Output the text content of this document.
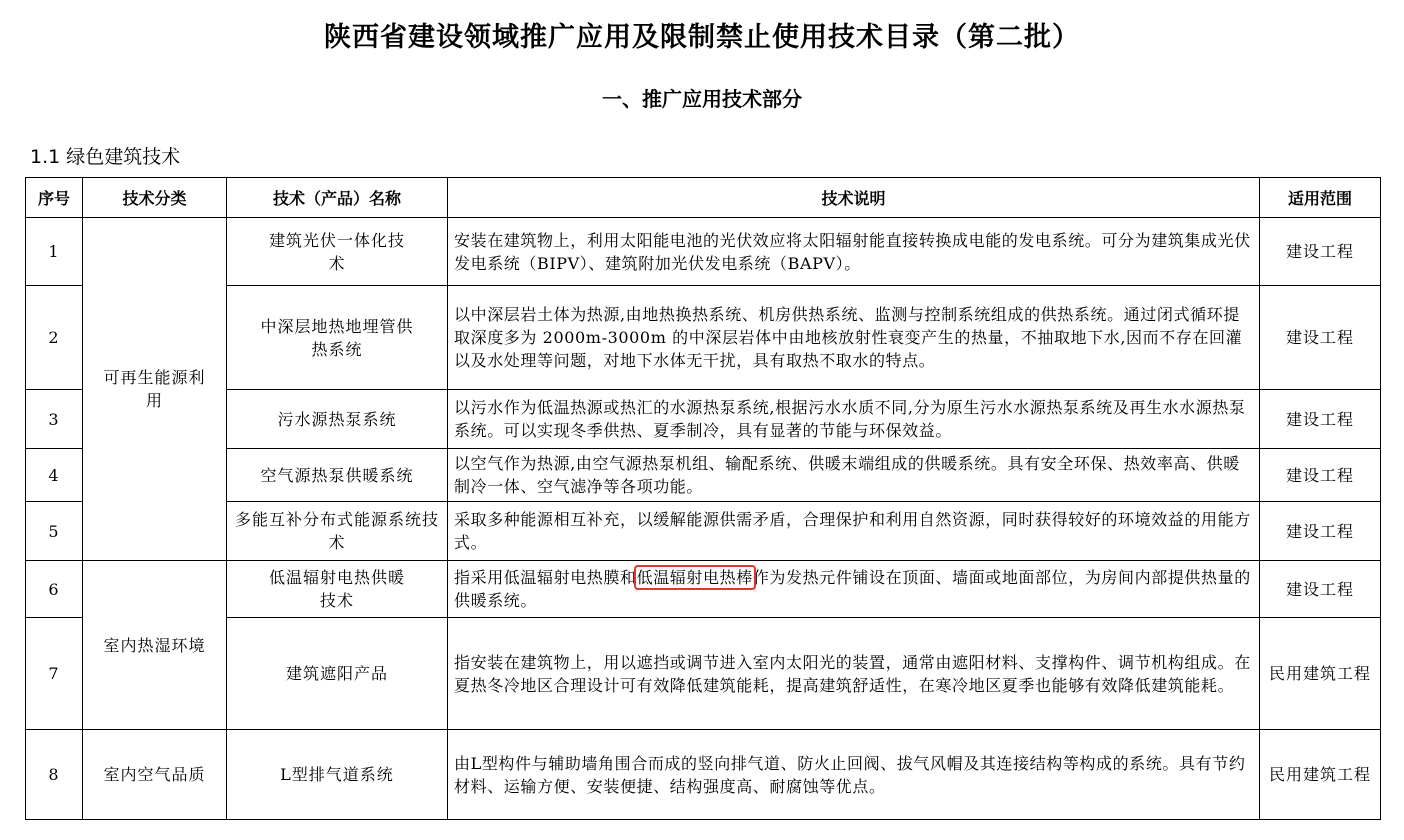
陕西省建设领域推广应用及限制禁止使用技术目录（第二批）
一、推广应用技术部分
1.1 绿色建筑技术
序号	技术分类	技术（产品）名称	技术说明	适用范围
1	可再生能源利用	建筑光伏一体化技术	安装在建筑物上，利用太阳能电池的光伏效应将太阳辐射能直接转换成电能的发电系统。可分为建筑集成光伏发电系统（BIPV）、建筑附加光伏发电系统（BAPV）。	建设工程
2		中深层地热地埋管供热系统	以中深层岩土体为热源,由地热换热系统、机房供热系统、监测与控制系统组成的供热系统。通过闭式循环提取深度多为 2000m-3000m 的中深层岩体中由地核放射性衰变产生的热量，不抽取地下水,因而不存在回灌以及水处理等问题，对地下水体无干扰，具有取热不取水的特点。	建设工程
3		污水源热泵系统	以污水作为低温热源或热汇的水源热泵系统,根据污水水质不同,分为原生污水水源热泵系统及再生水水源热泵系统。可以实现冬季供热、夏季制冷，具有显著的节能与环保效益。	建设工程
4		空气源热泵供暖系统	以空气作为热源,由空气源热泵机组、输配系统、供暖末端组成的供暖系统。具有安全环保、热效率高、供暖制冷一体、空气滤净等各项功能。	建设工程
5		多能互补分布式能源系统技术	采取多种能源相互补充，以缓解能源供需矛盾，合理保护和利用自然资源，同时获得较好的环境效益的用能方式。	建设工程
6	室内热湿环境	低温辐射电热供暖技术	指采用低温辐射电热膜和低温辐射电热棒作为发热元件铺设在顶面、墙面或地面部位，为房间内部提供热量的供暖系统。	建设工程
7		建筑遮阳产品	指安装在建筑物上，用以遮挡或调节进入室内太阳光的装置，通常由遮阳材料、支撑构件、调节机构组成。在夏热冬冷地区合理设计可有效降低建筑能耗，提高建筑舒适性，在寒冷地区夏季也能够有效降低建筑能耗。	民用建筑工程
8	室内空气品质	L型排气道系统	由L型构件与辅助墙角围合而成的竖向排气道、防火止回阀、拔气风帽及其连接结构等构成的系统。具有节约材料、运输方便、安装便捷、结构强度高、耐腐蚀等优点。	民用建筑工程
